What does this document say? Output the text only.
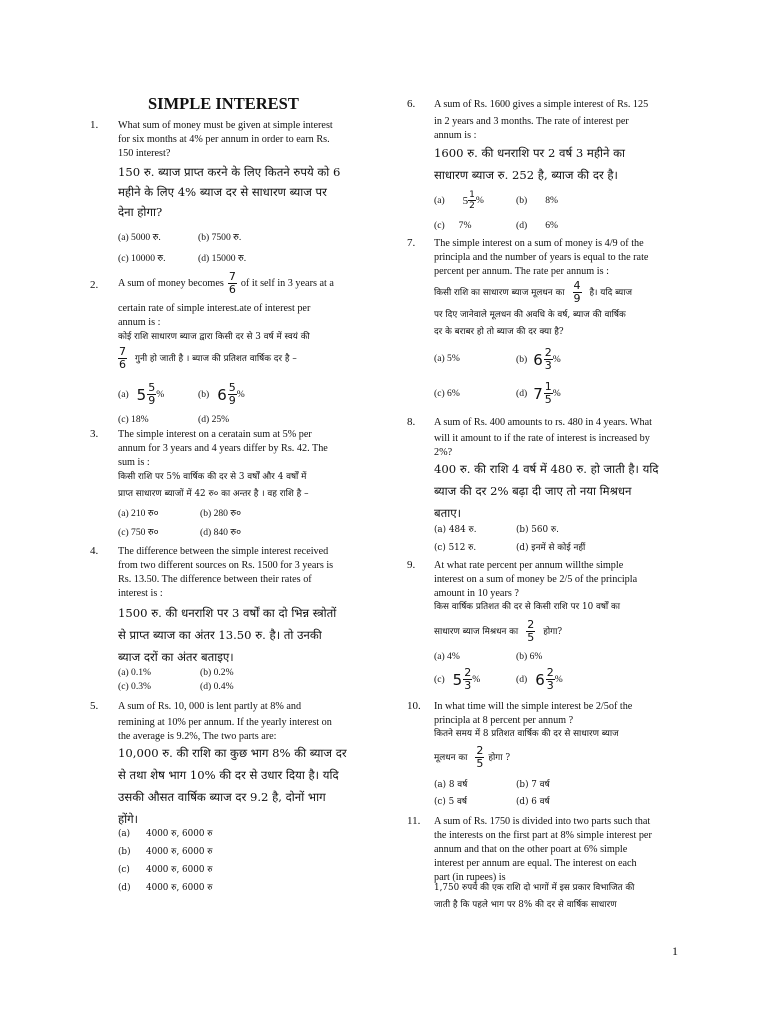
SIMPLE INTEREST
1. What sum of money must be given at simple interest
for six months at 4% per annum in order to earn Rs.
150 interest?
150 रु. ब्याज प्राप्त करने के लिए कितने रुपये को 6
महीने के लिए 4% ब्याज दर से साधारण ब्याज पर
देना होगा?
(a) 5000 रु.	(b) 7500 रु.
(c) 10000 रु.	(d) 15000 रु.
2. A sum of money becomes $\frac{7}{6}$ of it self in 3 years at a
certain rate of simple interest.ate of interest per
annum is :
कोई राशि साधारण ब्याज द्वारा किसी दर से 3 वर्ष में स्वयं की
$\frac{7}{6}$ गुनी हो जाती है । ब्याज की प्रतिशत वार्षिक दर है –
(a) $5 \frac{5}{9}$ %	(b) $6 \frac{5}{9}$ %
(c) 18%	(d) 25%
3. The simple interest on a ceratain sum at 5% per
annum for 3 years and 4 years differ by Rs. 42. The
sum is :
किसी राशि पर 5% वार्षिक की दर से 3 वर्षों और 4 वर्षों में
प्राप्त साधारण ब्याजों में 42 रु० का अन्तर है । वह राशि है –
(a) 210 रु०	(b) 280 रु०
(c) 750 रु०	(d) 840 रु०
4. The difference between the simple interest received
from two different sources on Rs. 1500 for 3 years is
Rs. 13.50. The difference between their rates of
interest is :
1500 रु. की धनराशि पर 3 वर्षों का दो भिन्न स्त्रोतों
से प्राप्त ब्याज का अंतर 13.50 रु. है। तो उनकी
ब्याज दरों का अंतर बताइए।
(a) 0.1%	(b) 0.2%
(c) 0.3%	(d) 0.4%
5. A sum of Rs. 10, 000 is lent partly at 8% and
remining at 10% per annum. If the yearly interest on
the average is 9.2%, The two parts are:
10,000 रु. की राशि का कुछ भाग 8% की ब्याज दर
से तथा शेष भाग 10% की दर से उधार दिया है। यदि
उसकी औसत वार्षिक ब्याज दर 9.2 है, दोनों भाग
होंगे।
(a) 4000 रु, 6000 रु
(b) 4000 रु, 6000 रु
(c) 4000 रु, 6000 रु
(d) 4000 रु, 6000 रु
6. A sum of Rs. 1600 gives a simple interest of Rs. 125
in 2 years and 3 months. The rate of interest per
annum is :
1600 रु. की धनराशि पर 2 वर्ष 3 महीने का
साधारण ब्याज रु. 252 है, ब्याज की दर है।
(a) $5 \frac{1}{2}$ %	(b) 8%
(c) 7%	(d) 6%
7. The simple interest on a sum of money is 4/9 of the
principla and the number of years is equal to the rate
percent per annum. The rate per annum is :
किसी राशि का साधारण ब्याज मूलधन का $\frac{4}{9}$ है। यदि ब्याज
पर दिए जानेवाले मूलधन की अवधि के वर्ष, ब्याज की वार्षिक
दर के बराबर हो तो ब्याज की दर क्या है?
(a) 5%	(b) $6 \frac{2}{3}$ %
(c) 6%	(d) $7 \frac{1}{5}$ %
8. A sum of Rs. 400 amounts to rs. 480 in 4 years. What
will it amount to if the rate of interest is increased by
2%?
400 रु. की राशि 4 वर्ष में 480 रु. हो जाती है। यदि
ब्याज की दर 2% बढ़ा दी जाए तो नया मिश्रधन
बताए।
(a) 484 रु.	(b) 560 रु.
(c) 512 रु.	(d) इनमें से कोई नहीं
9. At what rate percent per annum willthe simple
interest on a sum of money be 2/5 of the principla
amount in 10 years ?
किस वार्षिक प्रतिशत की दर से किसी राशि पर 10 वर्षों का
साधारण ब्याज मिश्रधन का $\frac{2}{5}$ होगा?
(a) 4%	(b) 6%
(c) $5 \frac{2}{3}$ %	(d) $6 \frac{2}{3}$ %
10. In what time will the simple interest be 2/5of the
principla at 8 percent per annum ?
कितने समय में 8 प्रतिशत वार्षिक की दर से साधारण ब्याज
मूलधन का $\frac{2}{5}$ होगा ?
(a) 8 वर्ष	(b) 7 वर्ष
(c) 5 वर्ष	(d) 6 वर्ष
11. A sum of Rs. 1750 is divided into two parts such that
the interests on the first part at 8% simple interest per
annum and that on the other poart at 6% simple
interest per annum are equal. The interest on each
part (in rupees) is
1,750 रुपये की एक राशि दो भागों में इस प्रकार विभाजित की
जाती है कि पहले भाग पर 8% की दर से वार्षिक साधारण
1
